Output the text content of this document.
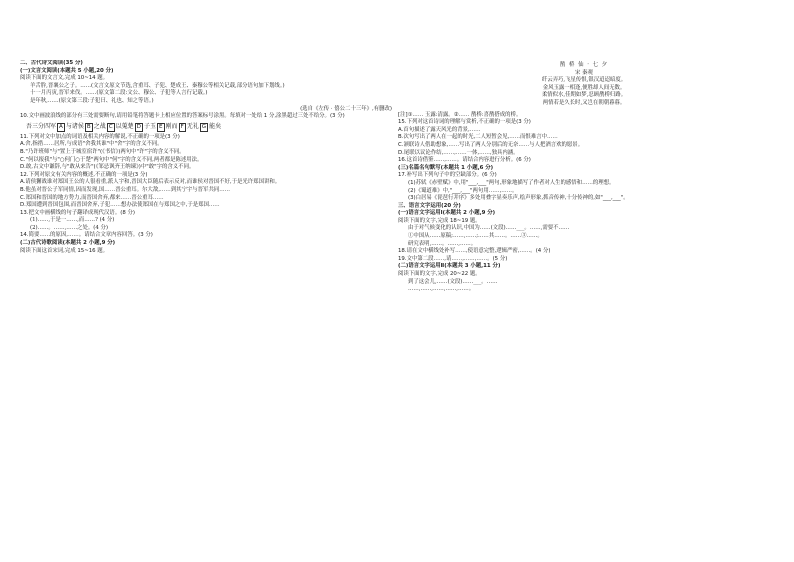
二、古代诗文阅读(35 分)

(一)文言文阅读(本题共 5 小题,20 分)

阅读下面的文言文,完成 10~14 题。

羊舌肸,晋襄公之子。……(文言文原文节选,含重耳、子犯、楚成王、秦穆公等相关记载,部分语句加下划线。)

十一月丙寅,晋军来伐。……(原文第二段:文公、穆公、子犯等人言行记载。)

是年秋,……(原文第三段:子犯曰、礼也、知之等语。)

(选自《左传 · 僖公二十三年》,有删改)

10.文中画波浪线的部分有三处需要断句,请用铅笔将答题卡上相应位置的答案标号涂黑。每填对一处给 1 分,涂黑超过三处不给分。(3 分)

吾三分四军 A 与诸侯 B 之战 C 以蒐楚 D 子玉 E 刚而 F 无礼 G 能矣

11.下列对文中加点的词语及相关内容的解说,不正确的一项是(3 分)

A.舍,指措……居所,与成语"舍我其谁"中"舍"字的含义不同。

B."乃许班师"与"置上于城室宿许"(《书信》)两句中"许"字的含义不同。

C."何以报我"与"○何门○于楚"两句中"何"字的含义不同,两者都是陈述用法。

D.敢,古文中谦辞,与"敢从来告"(《邹忌讽齐王纳谏》)中"敢"字的含义不同。

12.下列对原文有关内容的概述,不正确的一项是(3 分)

A.请侯獬战谁对郑国王公的人很看重,派人宇和,晋国大臣随后表示反对,而谁侯对晋国不好,于是光许郑国讲和。

B.他虽对晋公子军同情,因而发现,国……晋公重耳。尔大敌,……到其宁宇与晋军共同……

C.郑国和晋国的地方势力,而晋国舍弃,都来……晋公重耳……

D.郑国遭到晋国包围,而晋国舍弃,子犯……想办法使郑国在与郑国之中,于是郑国……

13.把文中画横线的句子翻译成现代汉语。(8 分)

(1)……,于是一……,而……? (4 分)

(2)……。……,……之处。(4 分)

14.简要……的原因,……。请结合文章内容回答。(3 分)

(二)古代诗歌阅读(本题共 2 小题,9 分)

阅读下面这首宋词,完成 15~16 题。

鹊 桥 仙 · 七 夕

宋 秦观

纤云弄巧,飞星传恨,银汉迢迢暗度。

金风玉露一相逢,便胜却人间无数。

柔情似水,佳期如梦,忍顾鹊桥归路。

两情若是久长时,又岂在朝朝暮暮。

[注]①…… 玉露:清露。②…… 鹊桥:喜鹊搭成的桥。

15.下列对这首诗词的理解与赏析,不正确的一项是(3 分)

A.首句描述了露天风光的背景,……

B.次句写出了两人在一起的时光,二人短暂会见,……而恨难言中……

C.颔联诗人借助想象,……写出了两人分别后的无奈……与人把酒言欢的愿景。

D.尾联以议论作结,……,……一体,……,独具内涵。

16.这首诗借鉴……,……。请结合内容进行分析。(6 分)

(三)名篇名句默写(本题共 1 小题,6 分)

17.补写出下列句子中的空缺部分。(6 分)

(1)苏轼《赤壁赋》中,用"___,___"两句,形象地描写了作者对人生的感悟和……的理想。

(2)《蜀道难》中,"___,___"两句用……,……。

(3)白居易《琵琶行并序》多处用叠字显奏乐声,绘声形象,抓音传神,十分传神的,如"___,___"。

三、语言文字运用(20 分)

(一)语言文字运用Ⅰ(本题共 2 小题,9 分)

阅读下面的文字,完成 18~19 题。

由于对气候变化的认识,中国为……(文段)……___。……,需要不……

①中国从……原稿;……,……;……其……。……③……。

研究表明,……。……,……。

18.请在文中横线处补写……,使语意完整,逻辑严密,……。(4 分)

19.文中第二段……,请……,……,……。(5 分)

(二)语言文字运用Ⅱ(本题共 3 小题,11 分)

阅读下面的文字,完成 20~22 题。

到了这会儿,……(文段)……___。……

……,……,……,……,……。
